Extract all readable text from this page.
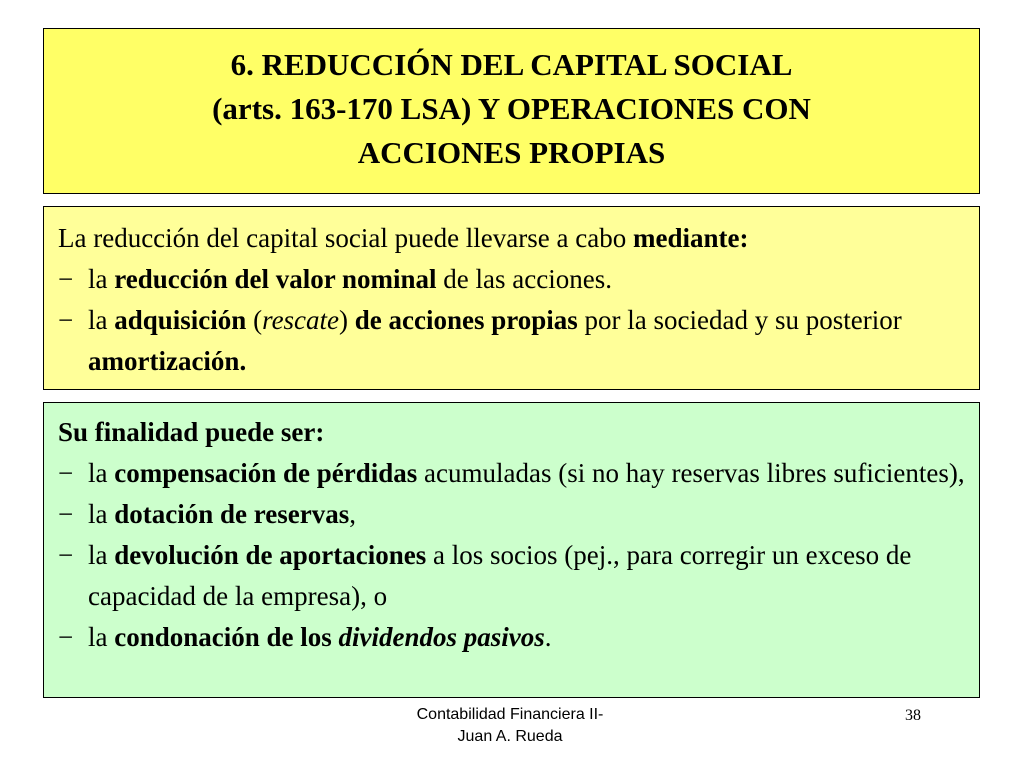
6. REDUCCIÓN DEL CAPITAL SOCIAL
(arts. 163-170 LSA) Y OPERACIONES CON
ACCIONES PROPIAS
La reducción del capital social puede llevarse a cabo mediante:
− la reducción del valor nominal de las acciones.
− la adquisición (rescate) de acciones propias por la sociedad y su posterior amortización.
Su finalidad puede ser:
− la compensación de pérdidas acumuladas (si no hay reservas libres suficientes),
− la dotación de reservas,
− la devolución de aportaciones a los socios (pej., para corregir un exceso de capacidad de la empresa), o
− la condonación de los dividendos pasivos.
Contabilidad Financiera II-
Juan A. Rueda
38
